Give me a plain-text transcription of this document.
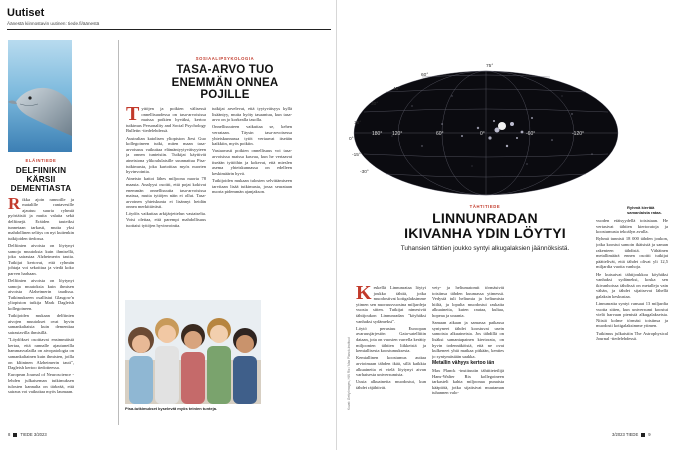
Uutiset
Äänestä kiinnostavin uutinen: tiede.fi/äänestä
ELÄINTIEDE
DELFIINIKIN KÄRSII
DEMENTIASTA

Rikka ajoin rannoille ja matalille rantavesille ajautuu suuria ryhmiä pyöriäisiä ja muita valaita sekä delfiinejä. Eräiden tauteiksi tunnetaan tarkasti, mutta yksi mahdollinen selitys on nyt kuitenkin tutkijoiden tiedossa.

Delfiinien aivoista on löytynyt samoja muutoksia kuin ihmisellä, joka sairastaa Alzheimerin tautia. Tutkijat kertovat, että ryhmän johtaja voi sekoittua ja viedä koko parven harhaan.

Delfiinien aivoista on löytynyt samoja muutoksia kuin ihmisen aivoista Alzheimerin taudissa. Tutkimukseen osallistui Glasgow'n yliopiston tutkija Mark Dagleish kollegoineen.

Tutkijoiden mukaan delfiinien aivojen muutokset ovat hyvin samankaltaisia kuin dementiaa sairastavilla ihmisillä.

"Löydökset osoittavat ensimmäistä kertaa, että rannalle ajautuneilla hammasvalailla on aivopatologia on samankaltainen kuin ihmisten, joilla on kliininen Alzheimerin tauti", Dagleish kertoo tiedotteessa.

European Journal of Neuroscience -lehden julkaiseman tutkimuksen tulosten kannalta on tärkeää, että sairaus voi vaikuttaa myös laumaan.

SOSIAALIPSYKOLOGIA
TASA-ARVO TUO
ENEMMÄN ONNEA POJILLE

Tyttöjen ja poikien välisessä onnellisuudessa on tasa-arvoisissa maissa poikien hyväksi, kertoo tutkimus Personality and Social Psychology Bulletin -tiedelehdessä.

Australian katolisen yliopiston Jiesi Guo kollegoineen tutki, miten maan tasa-arvoisuus vaikuttaa elämäntyytyväisyyteen ja onnen tunteisiin. Tutkijat käyttivät aineistona ylikoululaisille suunnattua Pisa-tutkimusta, joka kartoittaa myös nuorten hyvinvointia.

Aineisto kattoi lähes miljoona nuorta 78 maasta. Analyysi osoitti, että pojat kokivat enemmän onnellisuutta tasa-arvoisissa maissa, mutta tyttöjen näin ei ollut. Tasa-arvoinen yhteiskunta ei lisännyt heidän onnea merkittävästi.

Löydös vaikuttaa arkijärjettelun vastaiselta. Voisi olettaa, että parempi mahdollisuus tuottaisi tyttöjen hyvinvointia.

tutkijat arvelevat, että tyytyväisyys kyllä lisääntyy, mutta hyöty tasaantuu, kun tasa-arvo on jo korkealla tasolla.

Onnellisuuteen vaikuttaa se, kehen verrataan. Täysin tasa-arvoisessa yhteiskunnassa tytöt vertaavat itseään kaikkiin, myös poikiin.

Vastaavasti poikien onnellisuus voi tasa-arvoisissa maissa kasvaa, kun he vertaavat itseään tyttöihin ja kokevat, että mieslen asema yhteiskunnassa on edelleen keskimäärin hyvä.

Tutkijoiden mukaan tulosten selvittämiseen tarvitaan lisää tutkimusta, jossa seurataan nuoria pidemmän ajanjakson.

Pisa-tutkimukset kyselevät myös teinien tunteja.
8 TIEDE 3/2023
180° 120°	60°	0°	-60°	-120°
75°
60°
45°
30°
15°
0°
-15°
-30°
Ryhmä kiertää samanlaista rataa.
TÄHTITIEDE
LINNUNRADAN
IKIVANHA YDIN LÖYTYI
Tuhansien tähtien joukko syntyi alkugalaksien jäännöksistä.
Kuvat: Getty Images, HW Rix / Max Planck-Instituut

Keskellä Linnunrataa löytyi joukko tähtiä, jotka muodostivat kotigalaksimme ytimen sen nuoruusvuosina miljardeja vuosia sitten. Tutkijat nimesivät tähtijoukon Linnunradan "köyhäksi vanhaksi sydämeksi".

Löytö perustuu Euroopan avaruusjärjestön Gaia-satelliitin dataan, jota on vuosien varrella kerätty miljoonien tähtien liikkeistä ja kemiallisesta koostumuksesta.

Kemiallinen koostumus auttaa arvioimaan tähden ikää, sillä kaikkia alkuaineita ei vielä löytynyt aivan varhaisesta universumista.

Uusia alkuaineita muodostui, kun tähdet räjähtivät.

vety- ja heliumatomit törmäsivät toisiinsa tähden kuumassa ytimessä. Vedystä tuli heliumia ja heliumista hiiltä, ja lopulta muodostui raskaita alkuaineita, kuten rautaa, kultaa, hopeaa ja uraania.

Samaan aikaan ja samassa paikassa syntyneet tähdet koostuvat usein samoista alkuaineista. Jos tähdillä on lisäksi samantapainen kiertorata, on hyvin todennäköistä, että ne ovat kulkeneet yhtä matkaa pitkään, kenties jo syntymästään saakka.

Metallin vähyys kertoo iän

Max Planck -instituutin tähtitieteilijä Hans-Walter Rix kollegoineen tarkasteli kahta miljoonaa punaista kääpiötä, jotka sijaitsivat muutaman tuhannen valo-

vuoden etäisyydellä toisistaan. He vertasivat tähtien kiertoratoja ja koostumusta tekoälyn avulla.

Ryhmä tunnisti 18 000 tähden joukon, jotka koostui samoin ikäisistä ja saman rakenteen tähdistä. Vähäinen metallimäärä ennen osoitti tutkijat päättelivät, että tähdet olivat yli 12,5 miljardia vuotta vanhoja.

He kutsuivat tähtijoukkoa köyhäksi vanhaksi sydämeksi, koska sen ikivanhoissa tähdissä on metalleja vain vähän, ja tähdet sijaitsevat lähellä galaksin keskustaa.

Linnunratta syntyi runsaat 13 miljardia vuotta sitten, kun universumi koostui vielä harvaan pienistä alkugalakseista. Niistä kolme törmäsi toisiinsa ja muodosti kotigalaksimme ytimen.

Tutkimus julkaistiin The Astrophysical Journal -tiedelehdessä.

3/2023 TIEDE 9
